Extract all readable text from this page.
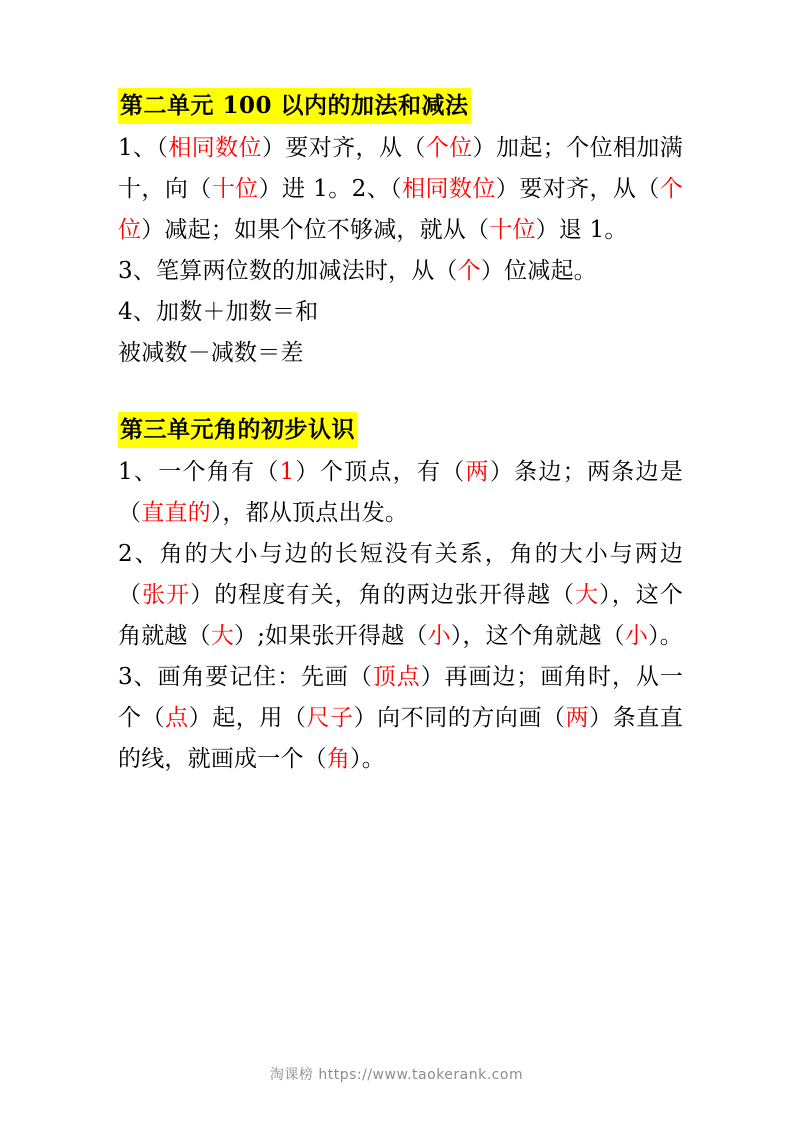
第二单元 100 以内的加法和减法

1、（相同数位）要对齐，从（个位）加起；个位相加满十，向（十位）进 1。2、（相同数位）要对齐，从（个位）减起；如果个位不够减，就从（十位）退 1。

3、笔算两位数的加减法时，从（个）位减起。

4、加数＋加数＝和

被减数－减数＝差

第三单元角的初步认识

1、一个角有（1）个顶点，有（两）条边；两条边是（直直的），都从顶点出发。

2、角的大小与边的长短没有关系，角的大小与两边（张开）的程度有关，角的两边张开得越（大），这个角就越（大）;如果张开得越（小），这个角就越（小）。

3、画角要记住：先画（顶点）再画边；画角时，从一个（点）起，用（尺子）向不同的方向画（两）条直直的线，就画成一个（角）。

淘课榜 https://www.taokerank.com
